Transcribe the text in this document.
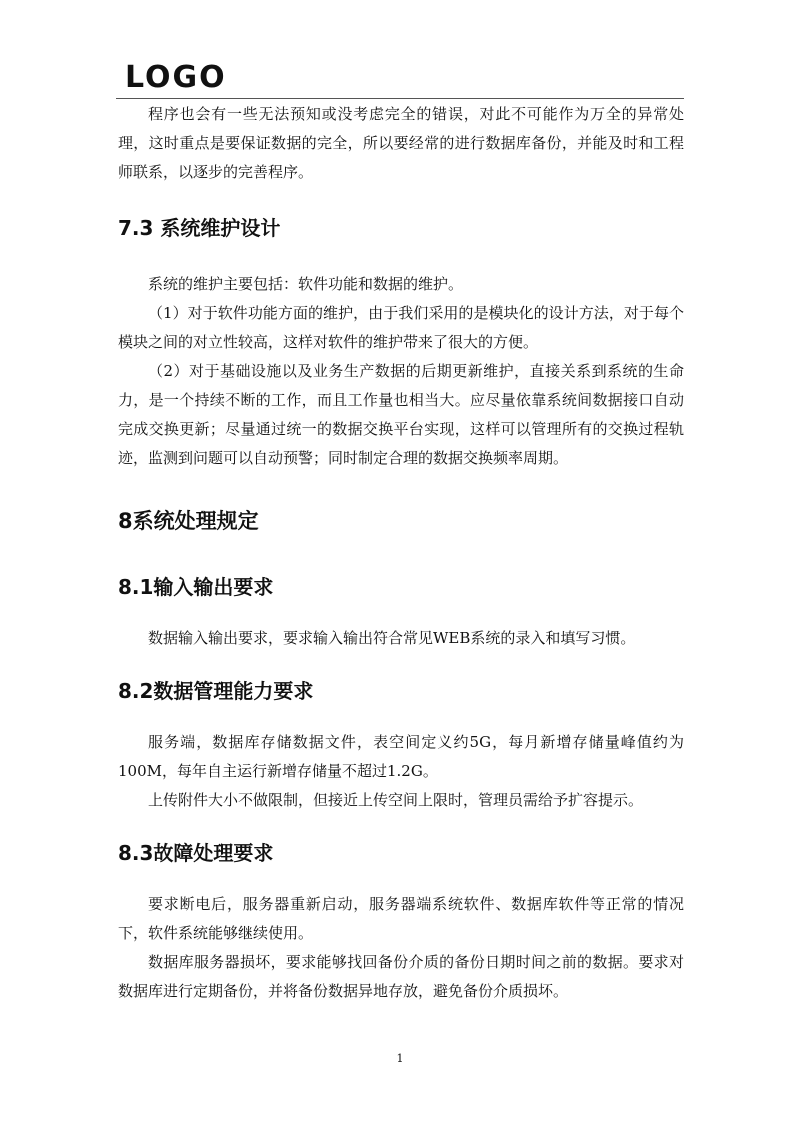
LOGO

程序也会有一些无法预知或没考虑完全的错误，对此不可能作为万全的异常处理，这时重点是要保证数据的完全，所以要经常的进行数据库备份，并能及时和工程师联系，以逐步的完善程序。

7.3 系统维护设计

系统的维护主要包括：软件功能和数据的维护。

（1）对于软件功能方面的维护，由于我们采用的是模块化的设计方法，对于每个模块之间的对立性较高，这样对软件的维护带来了很大的方便。

（2）对于基础设施以及业务生产数据的后期更新维护，直接关系到系统的生命力，是一个持续不断的工作，而且工作量也相当大。应尽量依靠系统间数据接口自动完成交换更新；尽量通过统一的数据交换平台实现，这样可以管理所有的交换过程轨迹，监测到问题可以自动预警；同时制定合理的数据交换频率周期。

8系统处理规定
8.1输入输出要求

数据输入输出要求，要求输入输出符合常见WEB系统的录入和填写习惯。

8.2数据管理能力要求

服务端，数据库存储数据文件，表空间定义约5G，每月新增存储量峰值约为100M，每年自主运行新增存储量不超过1.2G。

上传附件大小不做限制，但接近上传空间上限时，管理员需给予扩容提示。

8.3故障处理要求

要求断电后，服务器重新启动，服务器端系统软件、数据库软件等正常的情况下，软件系统能够继续使用。

数据库服务器损坏，要求能够找回备份介质的备份日期时间之前的数据。要求对数据库进行定期备份，并将备份数据异地存放，避免备份介质损坏。

1
